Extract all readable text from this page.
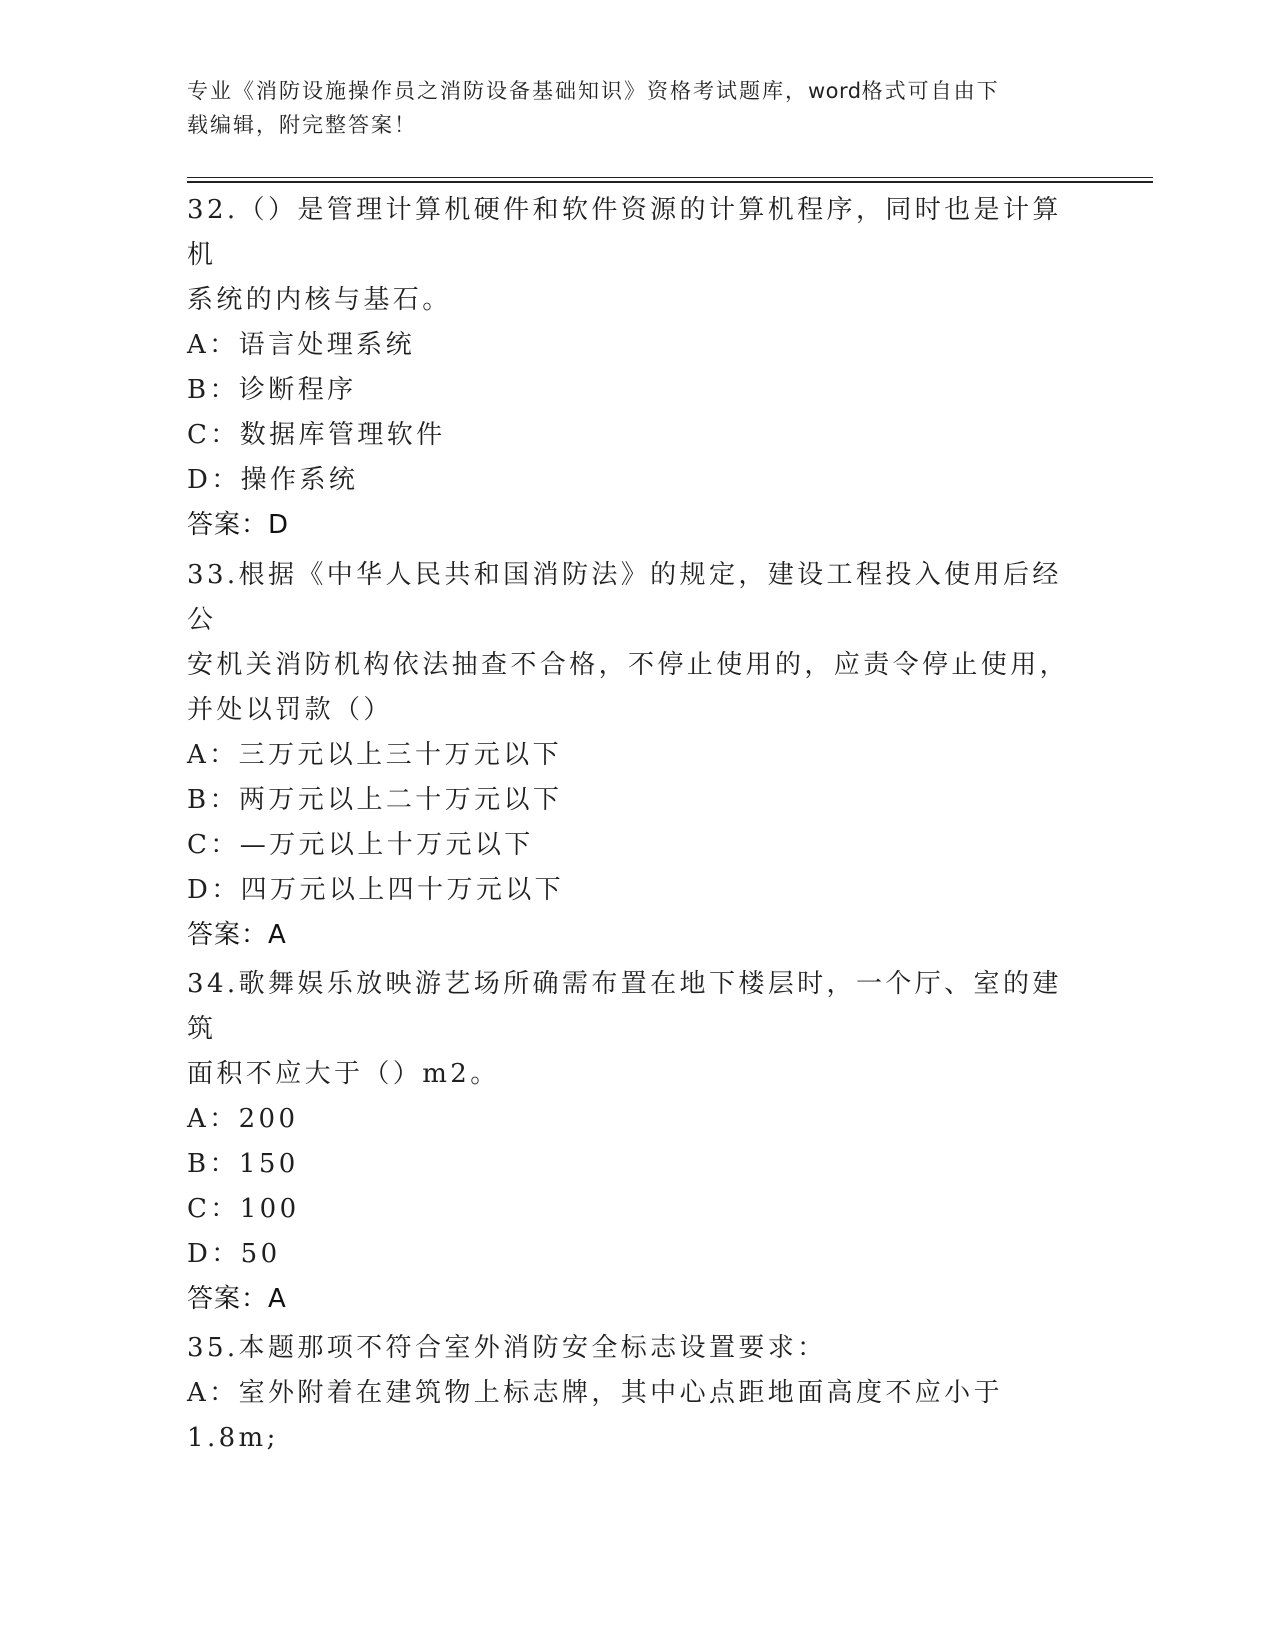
专业《消防设施操作员之消防设备基础知识》资格考试题库，word格式可自由下
载编辑，附完整答案！
32.（）是管理计算机硬件和软件资源的计算机程序，同时也是计算机
系统的内核与基石。
A：语言处理系统
B：诊断程序
C：数据库管理软件
D：操作系统
答案：D
33.根据《中华人民共和国消防法》的规定，建设工程投入使用后经公
安机关消防机构依法抽查不合格，不停止使用的，应责令停止使用，
并处以罚款（）
A：三万元以上三十万元以下
B：两万元以上二十万元以下
C：—万元以上十万元以下
D：四万元以上四十万元以下
答案：A
34.歌舞娱乐放映游艺场所确需布置在地下楼层时，一个厅、室的建筑
面积不应大于（）m2。
A：200
B：150
C：100
D：50
答案：A
35.本题那项不符合室外消防安全标志设置要求：
A：室外附着在建筑物上标志牌，其中心点距地面高度不应小于 1.8m;
